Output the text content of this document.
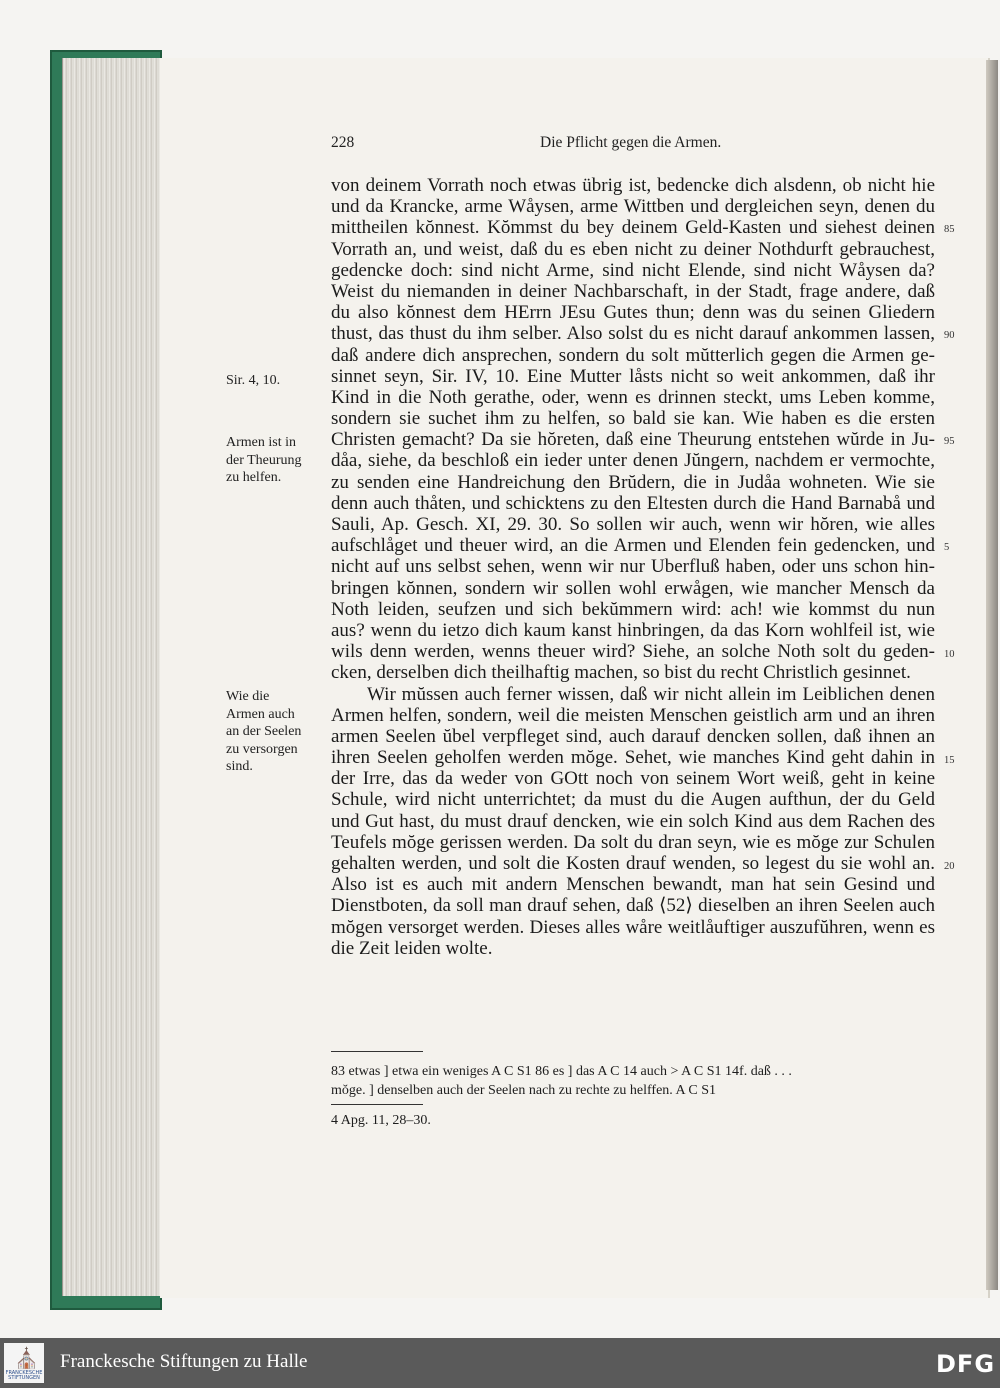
228	Die Pflicht gegen die Armen.
von deinem Vorrath noch etwas übrig ist, bedencke dich alsdenn, ob nicht hie
und da Krancke, arme Wåysen, arme Wittben und dergleichen seyn, denen du
mittheilen kŏnnest. Kŏmmst du bey deinem Geld-Kasten und siehest deinen
Vorrath an, und weist, daß du es eben nicht zu deiner Nothdurft gebrauchest,
gedencke doch: sind nicht Arme, sind nicht Elende, sind nicht Wåysen da?
Weist du niemanden in deiner Nachbarschaft, in der Stadt, frage andere, daß
du also kŏnnest dem HErrn JEsu Gutes thun; denn was du seinen Gliedern
thust, das thust du ihm selber. Also solst du es nicht darauf ankommen lassen,
daß andere dich ansprechen, sondern du solt mŭtterlich gegen die Armen ge-
sinnet seyn, Sir. IV, 10. Eine Mutter låsts nicht so weit ankommen, daß ihr
Kind in die Noth gerathe, oder, wenn es drinnen steckt, ums Leben komme,
sondern sie suchet ihm zu helfen, so bald sie kan. Wie haben es die ersten
Christen gemacht? Da sie hŏreten, daß eine Theurung entstehen wŭrde in Ju-
dåa, siehe, da beschloß ein ieder unter denen Jŭngern, nachdem er vermochte,
zu senden eine Handreichung den Brŭdern, die in Judåa wohneten. Wie sie
denn auch thåten, und schicktens zu den Eltesten durch die Hand Barnabå und
Sauli, Ap. Gesch. XI, 29. 30. So sollen wir auch, wenn wir hŏren, wie alles
aufschlåget und theuer wird, an die Armen und Elenden fein gedencken, und
nicht auf uns selbst sehen, wenn wir nur Uberfluß haben, oder uns schon hin-
bringen kŏnnen, sondern wir sollen wohl erwågen, wie mancher Mensch da
Noth leiden, seufzen und sich bekŭmmern wird: ach! wie kommst du nun
aus? wenn du ietzo dich kaum kanst hinbringen, da das Korn wohlfeil ist, wie
wils denn werden, wenns theuer wird? Siehe, an solche Noth solt du geden-
cken, derselben dich theilhaftig machen, so bist du recht Christlich gesinnet.
Wir mŭssen auch ferner wissen, daß wir nicht allein im Leiblichen denen
Armen helfen, sondern, weil die meisten Menschen geistlich arm und an ihren
armen Seelen ŭbel verpfleget sind, auch darauf dencken sollen, daß ihnen an
ihren Seelen geholfen werden mŏge. Sehet, wie manches Kind geht dahin in
der Irre, das da weder von GOtt noch von seinem Wort weiß, geht in keine
Schule, wird nicht unterrichtet; da must du die Augen aufthun, der du Geld
und Gut hast, du must drauf dencken, wie ein solch Kind aus dem Rachen des
Teufels mŏge gerissen werden. Da solt du dran seyn, wie es mŏge zur Schulen
gehalten werden, und solt die Kosten drauf wenden, so legest du sie wohl an.
Also ist es auch mit andern Menschen bewandt, man hat sein Gesind und
Dienstboten, da soll man drauf sehen, daß ⟨52⟩ dieselben an ihren Seelen auch
mŏgen versorget werden. Dieses alles wåre weitlåuftiger auszufŭhren, wenn es
die Zeit leiden wolte.
85
90
95
5
10
15
20
Sir. 4, 10.
Armen ist in
der Theurung
zu helfen.
Wie die
Armen auch
an der Seelen
zu versorgen
sind.
83 etwas ] etwa ein weniges A C S1 86 es ] das A C 14 auch > A C S1 14f. daß . . .
mŏge. ] denselben auch der Seelen nach zu rechte zu helffen. A C S1
4 Apg. 11, 28–30.
⛪
FRANCKESCHE STIFTUNGEN
Franckesche Stiftungen zu Halle	DFG
